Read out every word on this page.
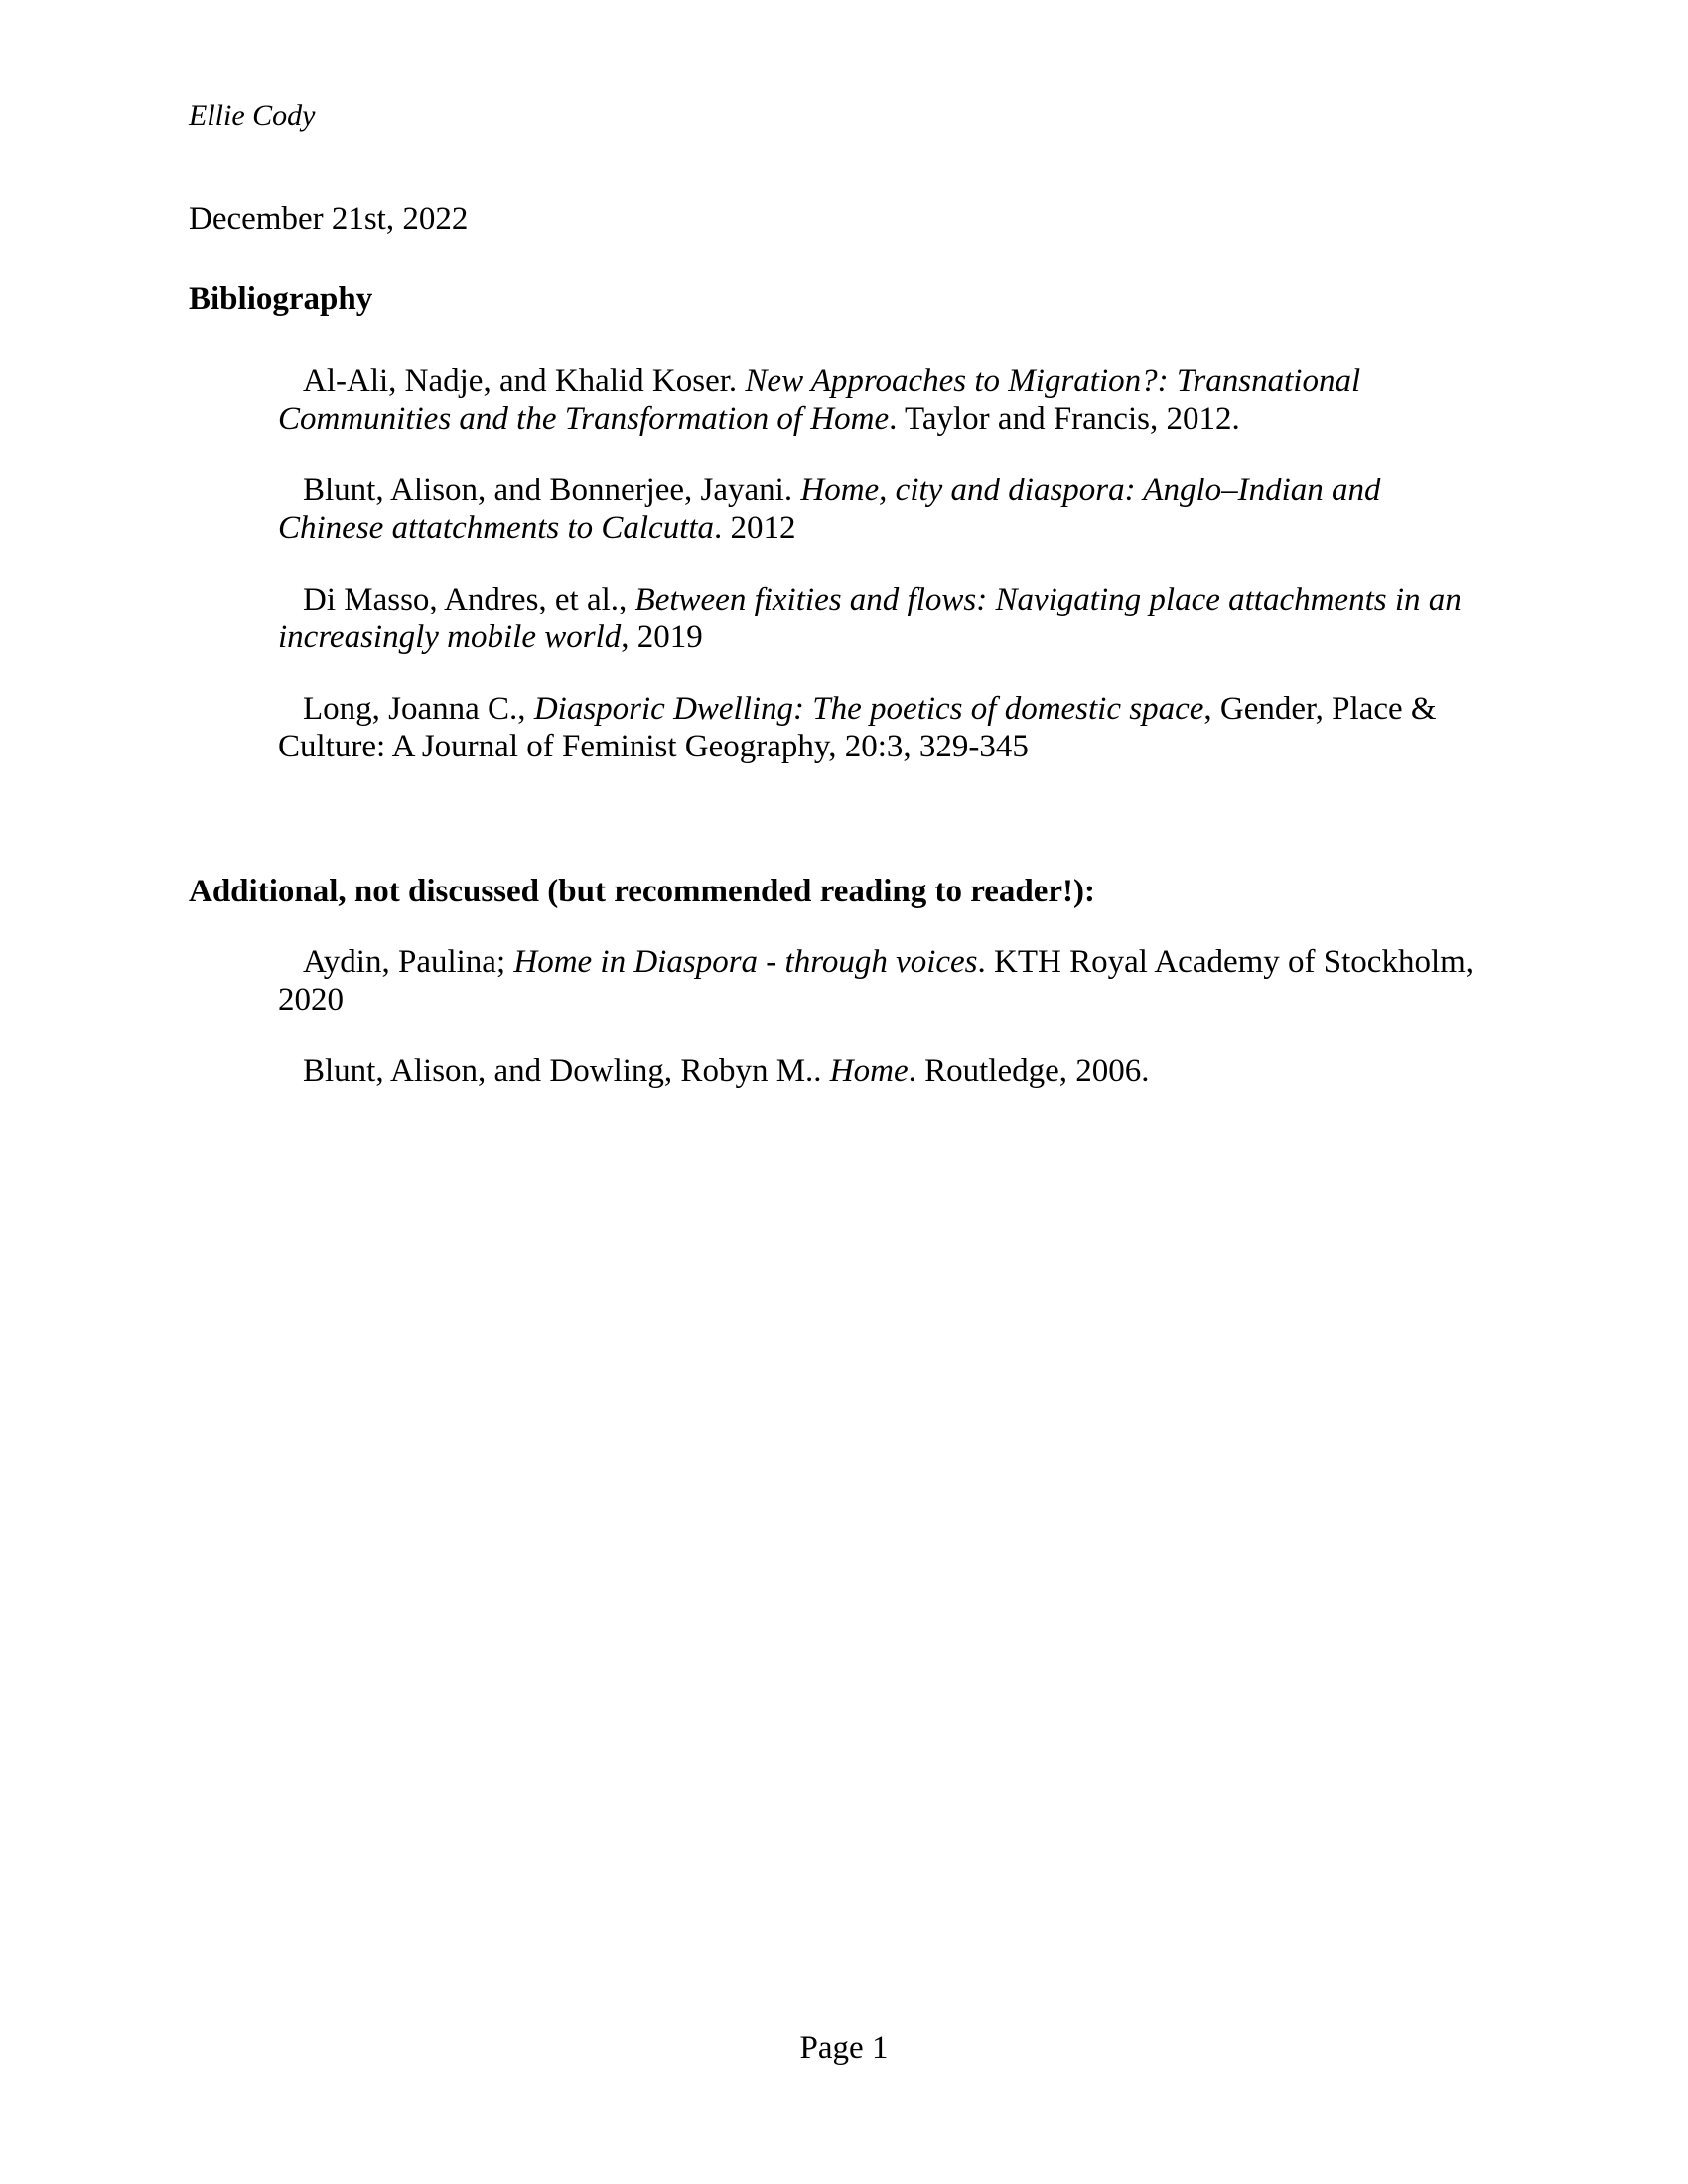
Ellie Cody
December 21st, 2022
Bibliography
Al-Ali, Nadje, and Khalid Koser. New Approaches to Migration?: Transnational
Communities and the Transformation of Home. Taylor and Francis, 2012.
Blunt, Alison, and Bonnerjee, Jayani. Home, city and diaspora: Anglo–Indian and
Chinese attatchments to Calcutta. 2012
Di Masso, Andres, et al., Between fixities and flows: Navigating place attachments in an
increasingly mobile world, 2019
Long, Joanna C., Diasporic Dwelling: The poetics of domestic space, Gender, Place &
Culture: A Journal of Feminist Geography, 20:3, 329-345
Additional, not discussed (but recommended reading to reader!):
Aydin, Paulina; Home in Diaspora - through voices. KTH Royal Academy of Stockholm,
2020
Blunt, Alison, and Dowling, Robyn M.. Home. Routledge, 2006.
Page 1
